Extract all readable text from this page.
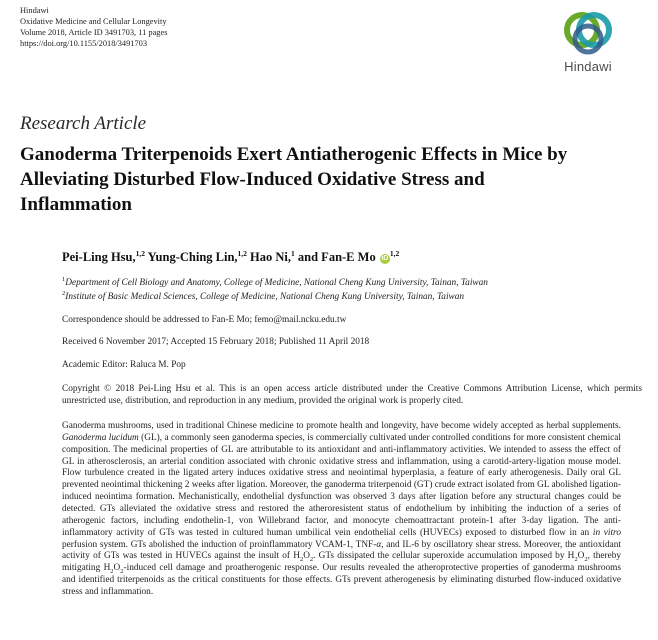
Hindawi
Oxidative Medicine and Cellular Longevity
Volume 2018, Article ID 3491703, 11 pages
https://doi.org/10.1155/2018/3491703
Hindawi
Research Article
Ganoderma Triterpenoids Exert Antiatherogenic Effects in Mice by Alleviating Disturbed Flow-Induced Oxidative Stress and Inflammation
Pei-Ling Hsu,$^{1,2}$ Yung-Ching Lin,$^{1,2}$ Hao Ni,$^1$ and Fan-E Mo iD$^{1,2}$
$^1$Department of Cell Biology and Anatomy, College of Medicine, National Cheng Kung University, Tainan, Taiwan
$^2$Institute of Basic Medical Sciences, College of Medicine, National Cheng Kung University, Tainan, Taiwan
Correspondence should be addressed to Fan-E Mo; femo@mail.ncku.edu.tw
Received 6 November 2017; Accepted 15 February 2018; Published 11 April 2018
Academic Editor: Raluca M. Pop
Copyright © 2018 Pei-Ling Hsu et al. This is an open access article distributed under the Creative Commons Attribution License, which permits unrestricted use, distribution, and reproduction in any medium, provided the original work is properly cited.
Ganoderma mushrooms, used in traditional Chinese medicine to promote health and longevity, have become widely accepted as herbal supplements. Ganoderma lucidum (GL), a commonly seen ganoderma species, is commercially cultivated under controlled conditions for more consistent chemical composition. The medicinal properties of GL are attributable to its antioxidant and anti-inflammatory activities. We intended to assess the effect of GL in atherosclerosis, an arterial condition associated with chronic oxidative stress and inflammation, using a carotid-artery-ligation mouse model. Flow turbulence created in the ligated artery induces oxidative stress and neointimal hyperplasia, a feature of early atherogenesis. Daily oral GL prevented neointimal thickening 2 weeks after ligation. Moreover, the ganoderma triterpenoid (GT) crude extract isolated from GL abolished ligation-induced neointima formation. Mechanistically, endothelial dysfunction was observed 3 days after ligation before any structural changes could be detected. GTs alleviated the oxidative stress and restored the atheroresistent status of endothelium by inhibiting the induction of a series of atherogenic factors, including endothelin-1, von Willebrand factor, and monocyte chemoattractant protein-1 after 3-day ligation. The anti-inflammatory activity of GTs was tested in cultured human umbilical vein endothelial cells (HUVECs) exposed to disturbed flow in an in vitro perfusion system. GTs abolished the induction of proinflammatory VCAM-1, TNF-α, and IL-6 by oscillatory shear stress. Moreover, the antioxidant activity of GTs was tested in HUVECs against the insult of $H_2O_2$. GTs dissipated the cellular superoxide accumulation imposed by $H_2O_2$, thereby mitigating $H_2O_2$-induced cell damage and proatherogenic response. Our results revealed the atheroprotective properties of ganoderma mushrooms and identified triterpenoids as the critical constituents for those effects. GTs prevent atherogenesis by eliminating disturbed flow-induced oxidative stress and inflammation.
